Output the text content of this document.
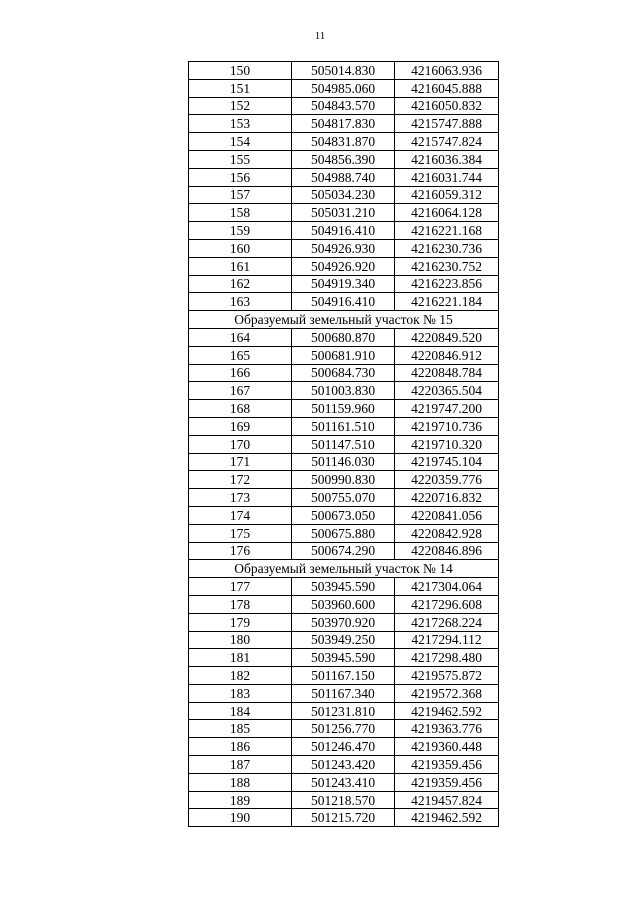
11
150	505014.830	4216063.936
151	504985.060	4216045.888
152	504843.570	4216050.832
153	504817.830	4215747.888
154	504831.870	4215747.824
155	504856.390	4216036.384
156	504988.740	4216031.744
157	505034.230	4216059.312
158	505031.210	4216064.128
159	504916.410	4216221.168
160	504926.930	4216230.736
161	504926.920	4216230.752
162	504919.340	4216223.856
163	504916.410	4216221.184
Образуемый земельный участок № 15		
164	500680.870	4220849.520
165	500681.910	4220846.912
166	500684.730	4220848.784
167	501003.830	4220365.504
168	501159.960	4219747.200
169	501161.510	4219710.736
170	501147.510	4219710.320
171	501146.030	4219745.104
172	500990.830	4220359.776
173	500755.070	4220716.832
174	500673.050	4220841.056
175	500675.880	4220842.928
176	500674.290	4220846.896
Образуемый земельный участок № 14		
177	503945.590	4217304.064
178	503960.600	4217296.608
179	503970.920	4217268.224
180	503949.250	4217294.112
181	503945.590	4217298.480
182	501167.150	4219575.872
183	501167.340	4219572.368
184	501231.810	4219462.592
185	501256.770	4219363.776
186	501246.470	4219360.448
187	501243.420	4219359.456
188	501243.410	4219359.456
189	501218.570	4219457.824
190	501215.720	4219462.592
